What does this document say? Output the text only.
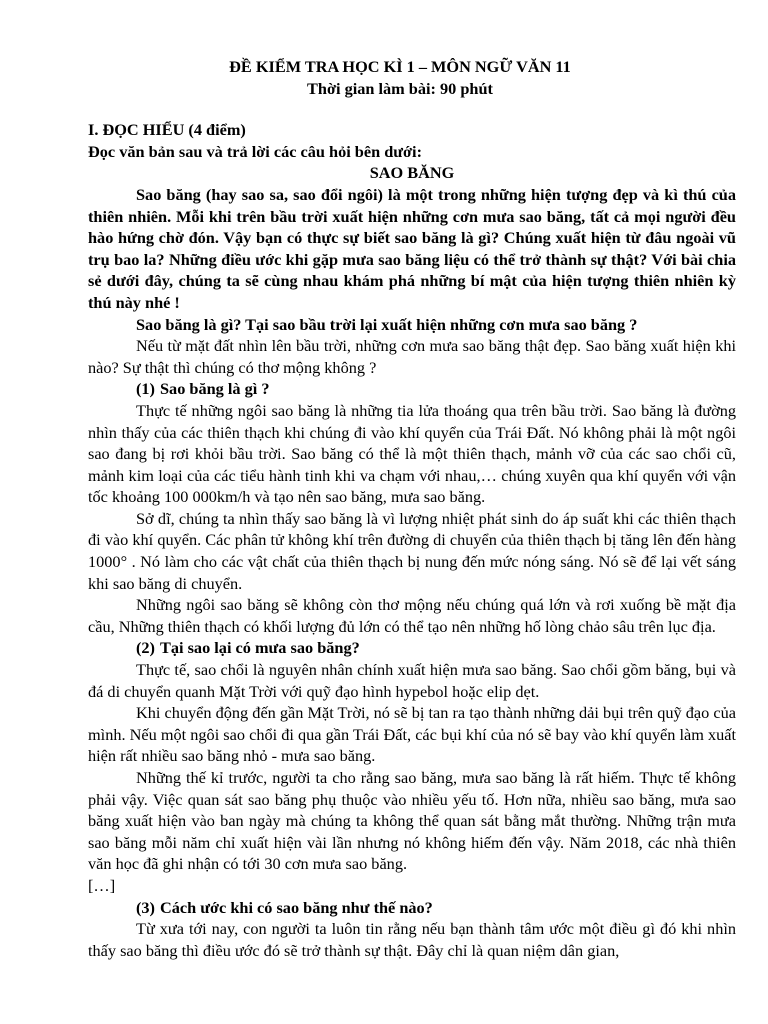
ĐỀ KIỂM TRA HỌC KÌ 1 – MÔN NGỮ VĂN 11

Thời gian làm bài: 90 phút

I. ĐỌC HIỂU (4 điểm)

Đọc văn bản sau và trả lời các câu hỏi bên dưới:

SAO BĂNG

Sao băng (hay sao sa, sao đổi ngôi) là một trong những hiện tượng đẹp và kì thú của thiên nhiên. Mỗi khi trên bầu trời xuất hiện những cơn mưa sao băng, tất cả mọi người đều hào hứng chờ đón. Vậy bạn có thực sự biết sao băng là gì? Chúng xuất hiện từ đâu ngoài vũ trụ bao la? Những điều ước khi gặp mưa sao băng liệu có thể trở thành sự thật? Với bài chia sẻ dưới đây, chúng ta sẽ cùng nhau khám phá những bí mật của hiện tượng thiên nhiên kỳ thú này nhé !

Sao băng là gì? Tại sao bầu trời lại xuất hiện những cơn mưa sao băng ?

Nếu từ mặt đất nhìn lên bầu trời, những cơn mưa sao băng thật đẹp. Sao băng xuất hiện khi nào? Sự thật thì chúng có thơ mộng không ?

(1) Sao băng là gì ?

Thực tế những ngôi sao băng là những tia lửa thoáng qua trên bầu trời. Sao băng là đường nhìn thấy của các thiên thạch khi chúng đi vào khí quyển của Trái Đất. Nó không phải là một ngôi sao đang bị rơi khỏi bầu trời. Sao băng có thể là một thiên thạch, mảnh vỡ của các sao chổi cũ, mảnh kim loại của các tiểu hành tinh khi va chạm với nhau,… chúng xuyên qua khí quyển với vận tốc khoảng 100 000km/h và tạo nên sao băng, mưa sao băng.

Sở dĩ, chúng ta nhìn thấy sao băng là vì lượng nhiệt phát sinh do áp suất khi các thiên thạch đi vào khí quyển. Các phân tử không khí trên đường di chuyển của thiên thạch bị tăng lên đến hàng 1000° . Nó làm cho các vật chất của thiên thạch bị nung đến mức nóng sáng. Nó sẽ để lại vết sáng khi sao băng di chuyển.

Những ngôi sao băng sẽ không còn thơ mộng nếu chúng quá lớn và rơi xuống bề mặt địa cầu, Những thiên thạch có khối lượng đủ lớn có thể tạo nên những hố lòng chảo sâu trên lục địa.

(2) Tại sao lại có mưa sao băng?

Thực tế, sao chổi là nguyên nhân chính xuất hiện mưa sao băng. Sao chổi gồm băng, bụi và đá di chuyển quanh Mặt Trời với quỹ đạo hình hypebol hoặc elip dẹt.

Khi chuyển động đến gần Mặt Trời, nó sẽ bị tan ra tạo thành những dải bụi trên quỹ đạo của mình. Nếu một ngôi sao chổi đi qua gần Trái Đất, các bụi khí của nó sẽ bay vào khí quyển làm xuất hiện rất nhiều sao băng nhỏ - mưa sao băng.

Những thế kỉ trước, người ta cho rằng sao băng, mưa sao băng là rất hiếm. Thực tế không phải vậy. Việc quan sát sao băng phụ thuộc vào nhiều yếu tố. Hơn nữa, nhiều sao băng, mưa sao băng xuất hiện vào ban ngày mà chúng ta không thể quan sát bằng mắt thường. Những trận mưa sao băng mỗi năm chỉ xuất hiện vài lần nhưng nó không hiếm đến vậy. Năm 2018, các nhà thiên văn học đã ghi nhận có tới 30 cơn mưa sao băng.

[…]

(3) Cách ước khi có sao băng như thế nào?

Từ xưa tới nay, con người ta luôn tin rằng nếu bạn thành tâm ước một điều gì đó khi nhìn thấy sao băng thì điều ước đó sẽ trở thành sự thật. Đây chỉ là quan niệm dân gian,
